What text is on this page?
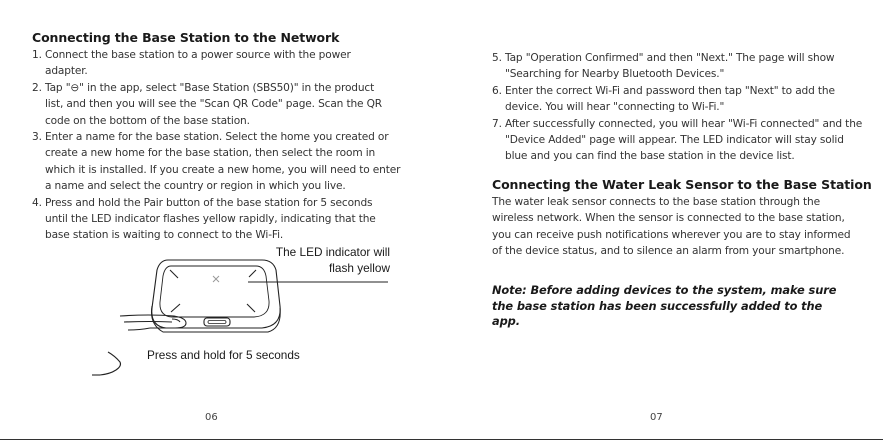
Connecting the Base Station to the Network
1. Connect the base station to a power source with the power adapter.
2. Tap "⊖" in the app, select "Base Station (SBS50)" in the product list, and then you will see the "Scan QR Code" page. Scan the QR code on the bottom of the base station.
3. Enter a name for the base station. Select the home you created or create a new home for the base station, then select the room in which it is installed. If you create a new home, you will need to enter a name and select the country or region in which you live.
4. Press and hold the Pair button of the base station for 5 seconds until the LED indicator flashes yellow rapidly, indicating that the base station is waiting to connect to the Wi-Fi.
The LED indicator will flash yellow
Press and hold for 5 seconds
06
5. Tap "Operation Confirmed" and then "Next." The page will show "Searching for Nearby Bluetooth Devices."
6. Enter the correct Wi-Fi and password then tap "Next" to add the device. You will hear "connecting to Wi-Fi."
7. After successfully connected, you will hear "Wi-Fi connected" and the "Device Added" page will appear. The LED indicator will stay solid blue and you can find the base station in the device list.
Connecting the Water Leak Sensor to the Base Station

The water leak sensor connects to the base station through the wireless network. When the sensor is connected to the base station, you can receive push notifications wherever you are to stay informed of the device status, and to silence an alarm from your smartphone.

Note: Before adding devices to the system, make sure the base station has been successfully added to the app.

07
